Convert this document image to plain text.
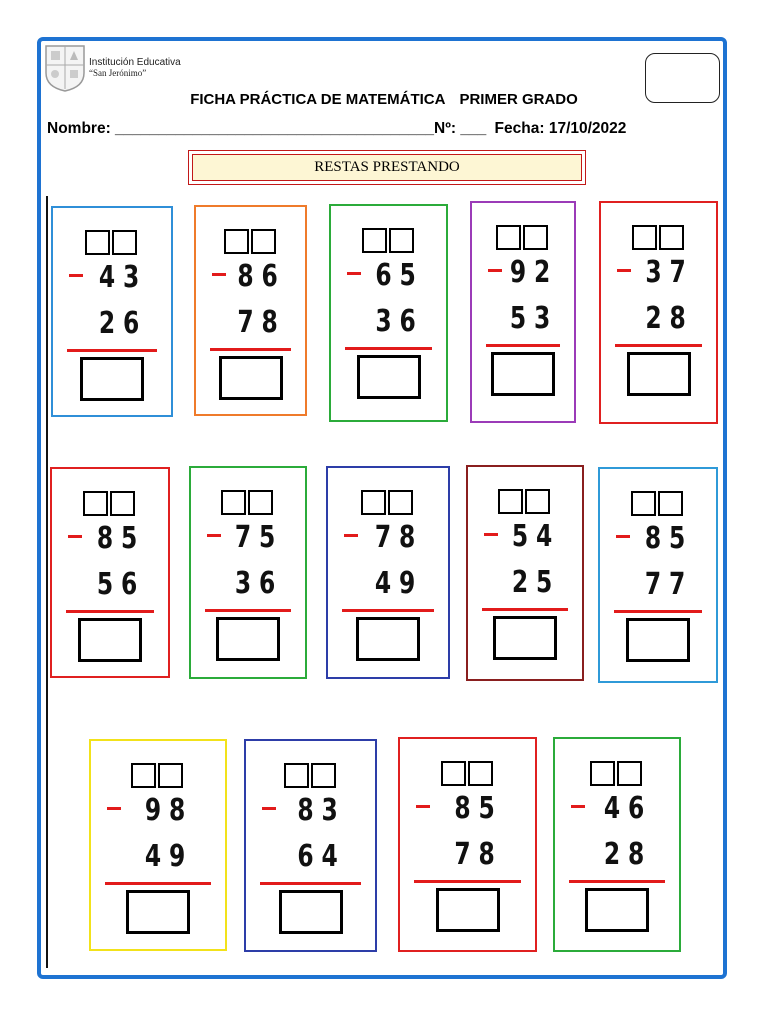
Institución Educativa
“San Jerónimo”
FICHA PRÁCTICA DE MATEMÁTICA PRIMER GRADO
Nombre: _____________________________________Nº: ___ Fecha: 17/10/2022
RESTAS PRESTANDO
43
26
86
78
65
36
92
53
37
28
85
56
75
36
78
49
54
25
85
77
98
49
83
64
85
78
46
28
